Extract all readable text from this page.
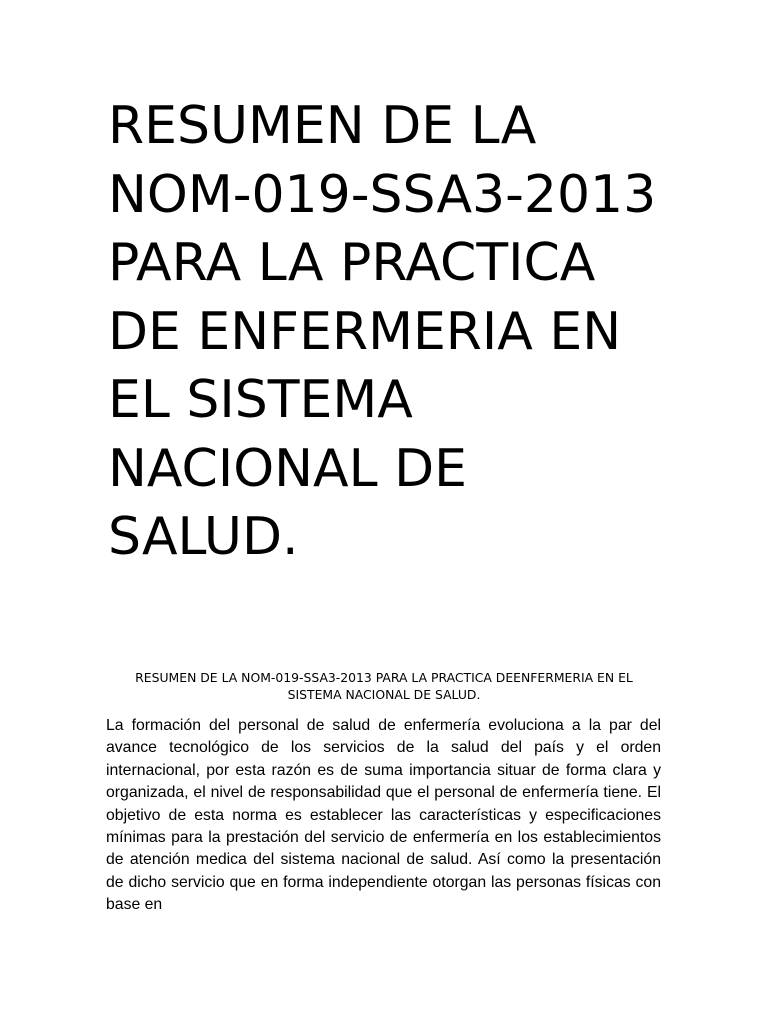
RESUMEN DE LA NOM-019-SSA3-2013 PARA LA PRACTICA DE ENFERMERIA EN EL SISTEMA NACIONAL DE SALUD.

RESUMEN DE LA NOM-019-SSA3-2013 PARA LA PRACTICA DEENFERMERIA EN EL SISTEMA NACIONAL DE SALUD.

La formación del personal de salud de enfermería evoluciona a la par del avance tecnológico de los servicios de la salud del país y el orden internacional, por esta razón es de suma importancia situar de forma clara y organizada, el nivel de responsabilidad que el personal de enfermería tiene. El objetivo de esta norma es establecer las características y especificaciones mínimas para la prestación del servicio de enfermería en los establecimientos de atención medica del sistema nacional de salud. Así como la presentación de dicho servicio que en forma independiente otorgan las personas físicas con base en
